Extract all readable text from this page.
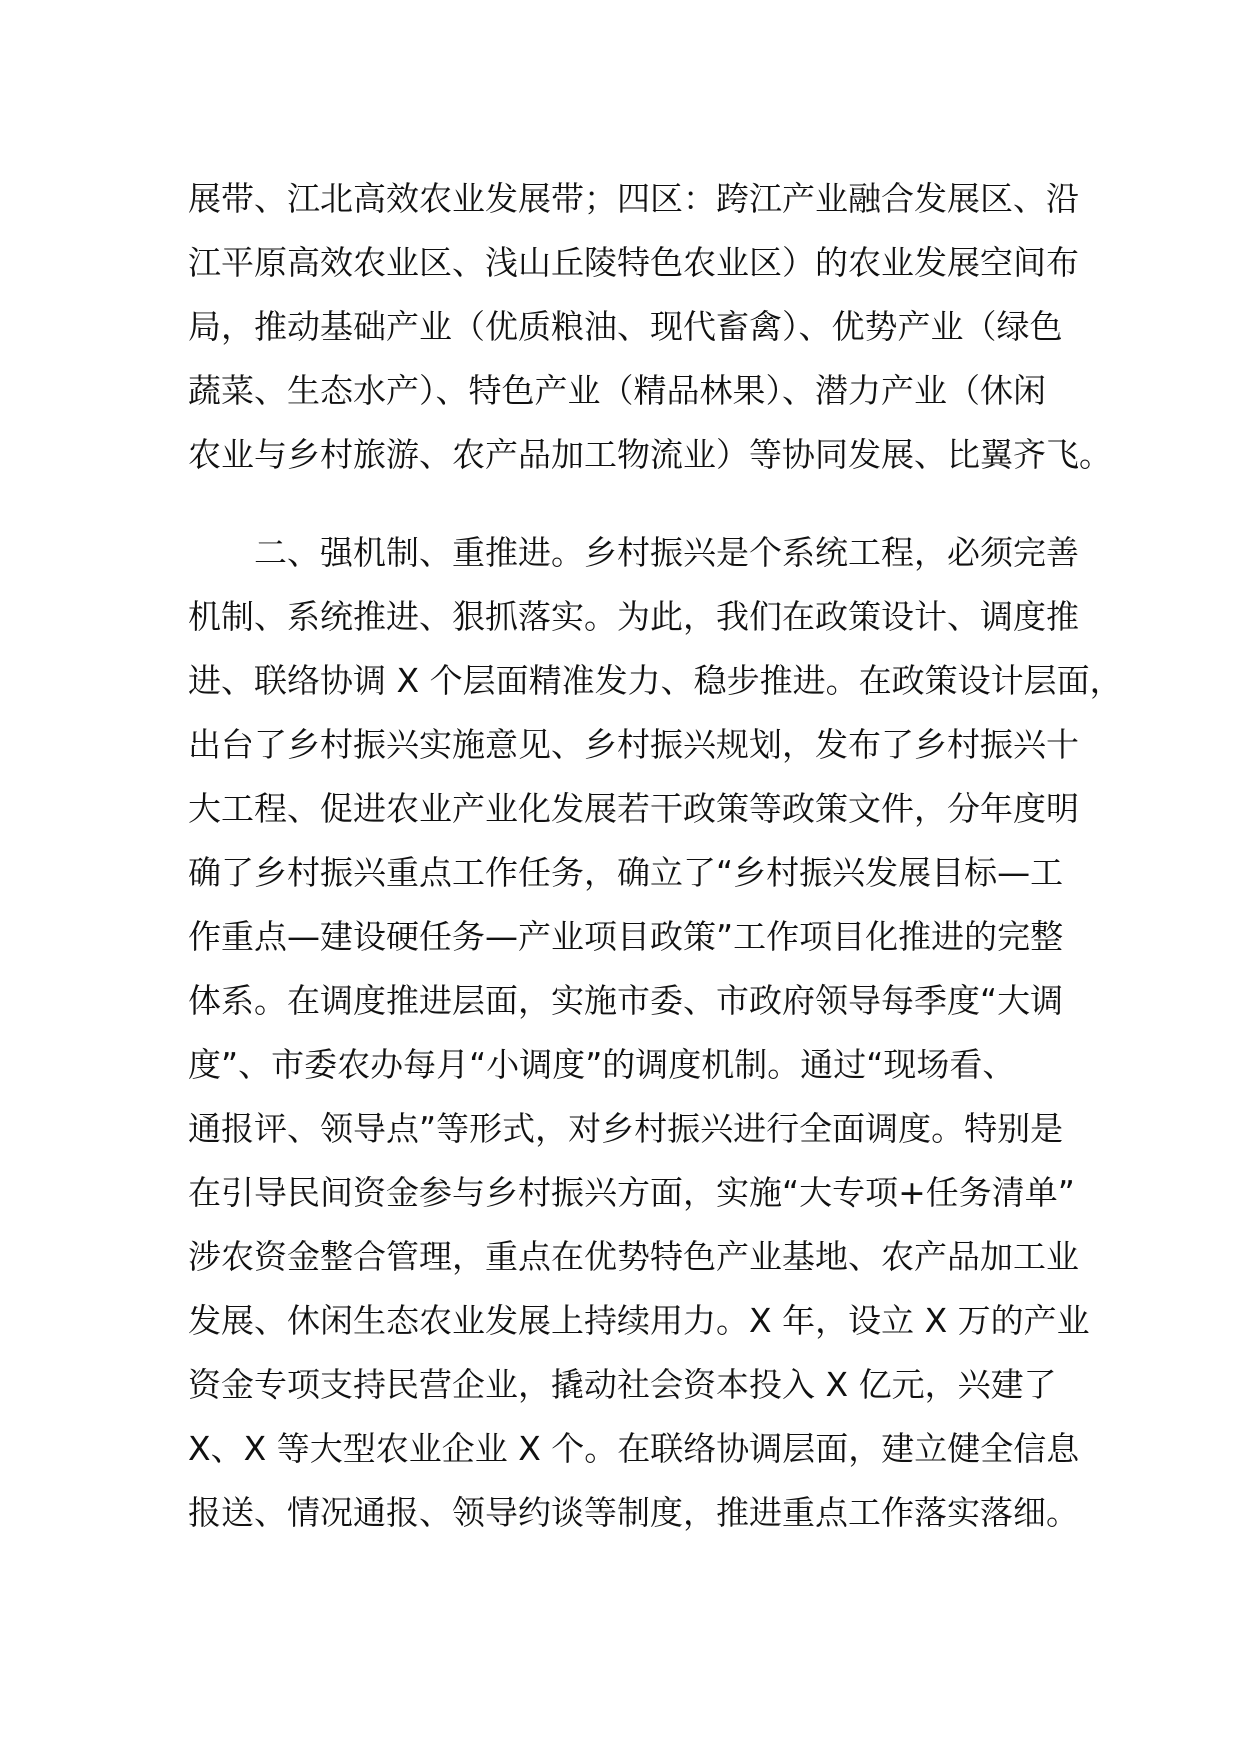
展带、江北高效农业发展带；四区：跨江产业融合发展区、沿
江平原高效农业区、浅山丘陵特色农业区）的农业发展空间布
局，推动基础产业（优质粮油、现代畜禽）、优势产业（绿色
蔬菜、生态水产）、特色产业（精品林果）、潜力产业（休闲
农业与乡村旅游、农产品加工物流业）等协同发展、比翼齐飞。
　　二、强机制、重推进。乡村振兴是个系统工程，必须完善
机制、系统推进、狠抓落实。为此，我们在政策设计、调度推
进、联络协调 X 个层面精准发力、稳步推进。在政策设计层面，
出台了乡村振兴实施意见、乡村振兴规划，发布了乡村振兴十
大工程、促进农业产业化发展若干政策等政策文件，分年度明
确了乡村振兴重点工作任务，确立了“乡村振兴发展目标—工
作重点—建设硬任务—产业项目政策”工作项目化推进的完整
体系。在调度推进层面，实施市委、市政府领导每季度“大调
度”、市委农办每月“小调度”的调度机制。通过“现场看、
通报评、领导点”等形式，对乡村振兴进行全面调度。特别是
在引导民间资金参与乡村振兴方面，实施“大专项+任务清单”
涉农资金整合管理，重点在优势特色产业基地、农产品加工业
发展、休闲生态农业发展上持续用力。X 年，设立 X 万的产业
资金专项支持民营企业，撬动社会资本投入 X 亿元，兴建了
X、X 等大型农业企业 X 个。在联络协调层面，建立健全信息
报送、情况通报、领导约谈等制度，推进重点工作落实落细。
